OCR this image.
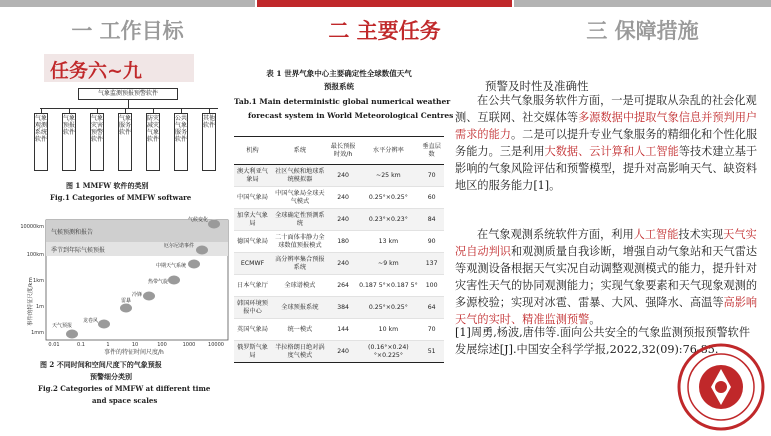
一 工作目标	二 主要任务	三 保障措施
任务六~九
气象监测预报预警软件
气象观测系统软件
气象预报软件
气象灾害预警软件
气象服务软件
防灾减灾气象软件
公共气象服务软件
其他软件
图 1 MMFW 软件的类别
Fig.1 Categories of MMFW software
气候预测和报告
季节到年际气候预报
气候变化
厄尔尼诺事件
中期天气系统
热带气旋
冷锋
雷暴
龙卷风
天气预报
事件的特征尺度/km
1mm
1m
1km
100km
10000km
0.01	0.1	1	10	100	1000	10000
事件的特征时间尺度/h
图 2 不同时间和空间尺度下的气象预报
预警细分类别
Fig.2 Categories of MMFW at different time
and space scales
表 1 世界气象中心主要确定性全球数值天气
预报系统
Tab.1 Main deterministic global numerical weather
forecast system in World Meteorological Centres
机构	系统	最长预报时效/h	水平分辨率	垂直层数
澳大利亚气象局	社区气候和地球系统模拟器	240	~25 km	70
中国气象局	中国气象局全球天气模式	240	0.25°×0.25°	60
加拿大气象局	全球确定性预测系统	240	0.23°×0.23°	84
德国气象局	二十面体非静力全球数值预报模式	180	13 km	90
ECMWF	高分辨率集合预报系统	240	~9 km	137
日本气象厅	全球谱模式	264	0.187 5°×0.187 5°	100
韩国环境预报中心	全球预报系统	384	0.25°×0.25°	64
英国气象局	统一模式	144	10 km	70
俄罗斯气象局	半拉格朗日绝对涡度气模式	240	(0.16°×0.24)°×0.225°	51
预警及时性及准确性
在公共气象服务软件方面，一是可提取从杂乱的社会化观测、互联网、社交媒体等多源数据中提取气象信息并预判用户需求的能力。二是可以提升专业气象服务的精细化和个性化服务能力。三是利用大数据、云计算和人工智能等技术建立基于影响的气象风险评估和预警模型，提升对高影响天气、缺资料地区的服务能力[1]。
在气象观测系统软件方面，利用人工智能技术实现天气实况自动判识和观测质量自我诊断，增强自动气象站和天气雷达等观测设备根据天气实况自动调整观测模式的能力，提升针对灾害性天气的协同观测能力；实现气象要素和天气现象观测的多源校验；实现对冰雹、雷暴、大风、强降水、高温等高影响天气的实时、精准监测预警。
[1]周勇,杨波,唐伟等.面向公共安全的气象监测预报预警软件发展综述[J].中国安全科学学报,2022,32(09):76-85.
